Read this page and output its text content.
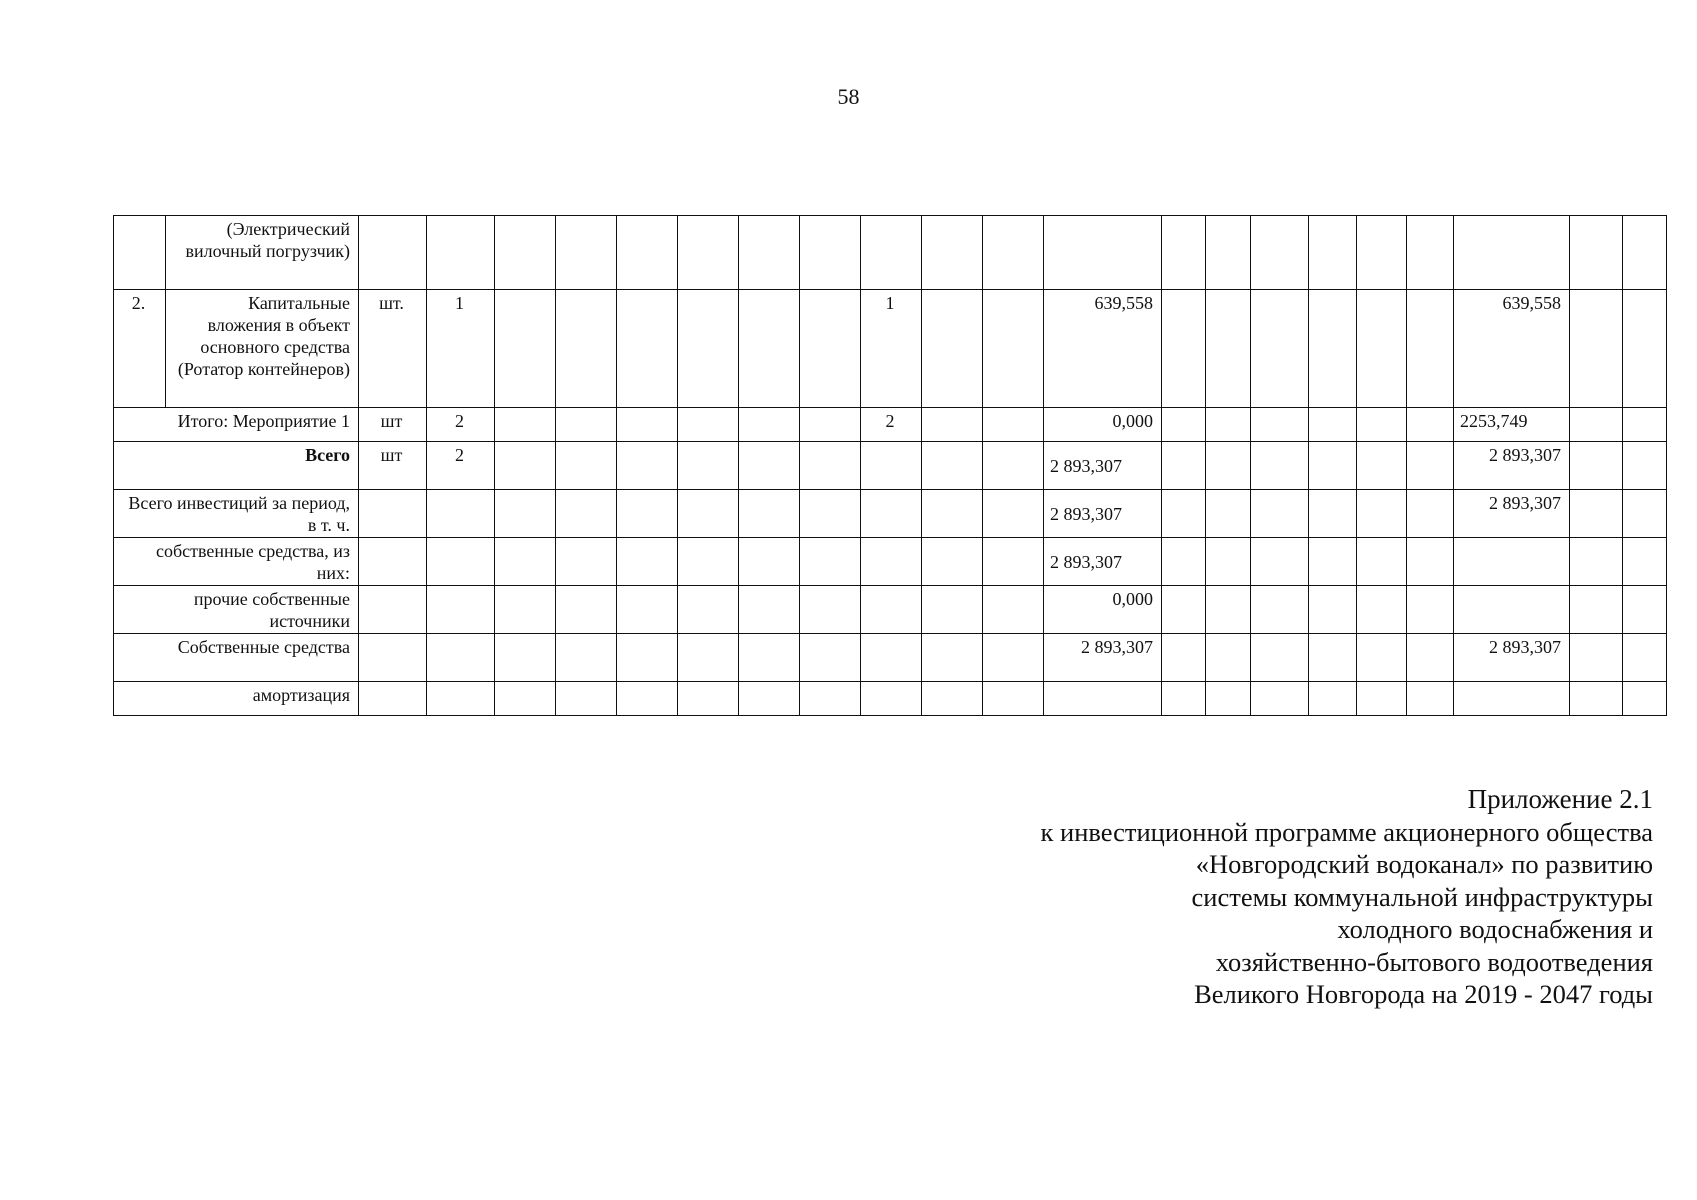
58
	(Электрический вилочный погрузчик)																					
2.	Капитальные вложения в объект основного средства (Ротатор контейнеров)	шт.	1							1			639,558							639,558		
Итого: Мероприятие 1		шт	2							2			0,000							2253,749		
Всего		шт	2										2 893,307							2 893,307		
Всего инвестиций за период, в т. ч.													2 893,307							2 893,307		
собственные средства, из них:													2 893,307									

прочие собственные источники													0,000									
Собственные средства													2 893,307							2 893,307		
амортизация																						
Приложение 2.1
к инвестиционной программе акционерного общества
«Новгородский водоканал» по развитию
системы коммунальной инфраструктуры
холодного водоснабжения и
хозяйственно-бытового водоотведения
Великого Новгорода на 2019 - 2047 годы
